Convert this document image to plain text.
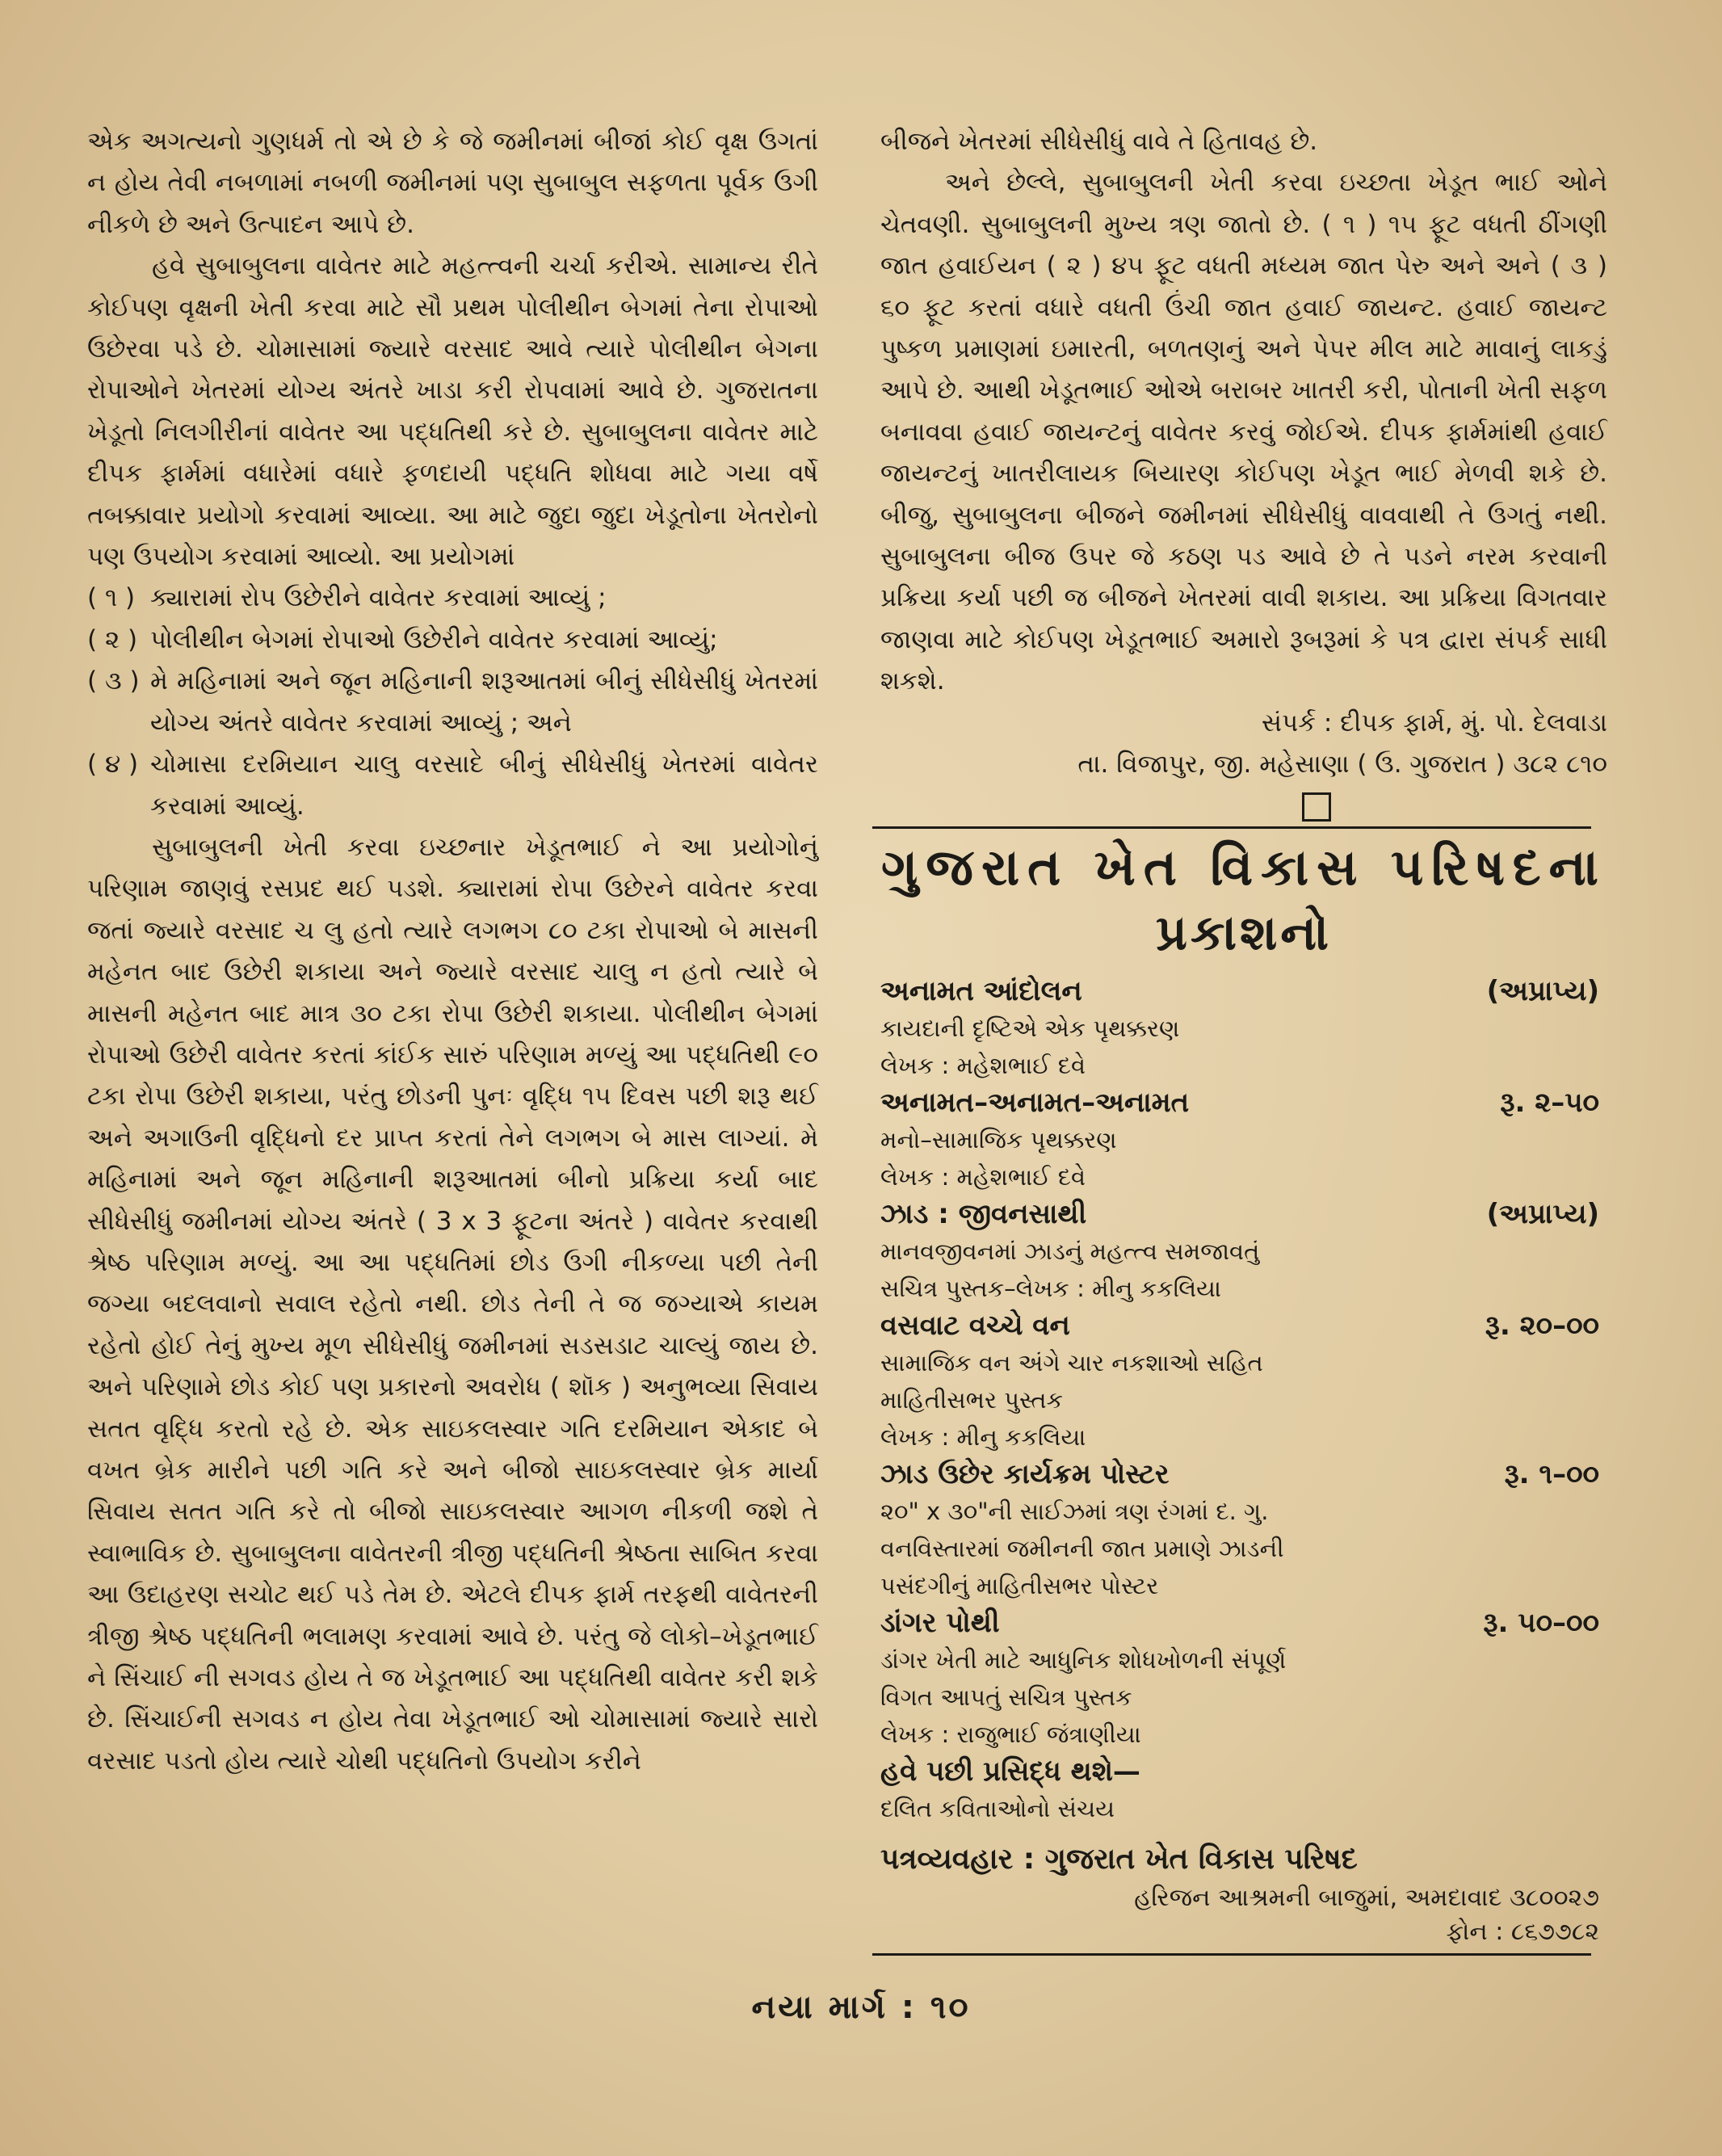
એક અગત્યનો ગુણધર્મ તો એ છે કે જે જમીનમાં બીજાં કોઈ વૃક્ષ ઉગતાં ન હોય તેવી નબળામાં નબળી જમીનમાં પણ સુબાબુલ સફળતા પૂર્વક ઉગી નીકળે છે અને ઉત્પાદન આપે છે.

હવે સુબાબુલના વાવેતર માટે મહત્ત્વની ચર્ચા કરીએ. સામાન્ય રીતે કોઈપણ વૃક્ષની ખેતી કરવા માટે સૌ પ્રથમ પોલીથીન બેગમાં તેના રોપાઓ ઉછેરવા પડે છે. ચોમાસામાં જ્યારે વરસાદ આવે ત્યારે પોલીથીન બેગના રોપાઓને ખેતરમાં યોગ્ય અંતરે ખાડા કરી રોપવામાં આવે છે. ગુજરાતના ખેડૂતો નિલગીરીનાં વાવેતર આ પદ્ધતિથી કરે છે. સુબાબુલના વાવેતર માટે દીપક ફાર્મમાં વધારેમાં વધારે ફળદાયી પદ્ધતિ શોધવા માટે ગયા વર્ષે તબક્કાવાર પ્રયોગો કરવામાં આવ્યા. આ માટે જુદા જુદા ખેડૂતોના ખેતરોનો પણ ઉપયોગ કરવામાં આવ્યો. આ પ્રયોગમાં

( ૧ ) ક્યારામાં રોપ ઉછેરીને વાવેતર કરવામાં આવ્યું ;
( ૨ ) પોલીથીન બેગમાં રોપાઓ ઉછેરીને વાવેતર કરવામાં આવ્યું;
( ૩ ) મે મહિનામાં અને જૂન મહિનાની શરૂઆતમાં બીનું સીધેસીધું ખેતરમાં યોગ્ય અંતરે વાવેતર કરવામાં આવ્યું ; અને
( ૪ ) ચોમાસા દરમિયાન ચાલુ વરસાદે બીનું સીધેસીધું ખેતરમાં વાવેતર કરવામાં આવ્યું.

સુબાબુલની ખેતી કરવા ઇચ્છનાર ખેડૂતભાઈ ને આ પ્રયોગોનું પરિણામ જાણવું રસપ્રદ થઈ પડશે. ક્યારામાં રોપા ઉછેરને વાવેતર કરવા જતાં જ્યારે વરસાદ ચ લુ હતો ત્યારે લગભગ ૮૦ ટકા રોપાઓ બે માસની મહેનત બાદ ઉછેરી શકાયા અને જ્યારે વરસાદ ચાલુ ન હતો ત્યારે બે માસની મહેનત બાદ માત્ર ૩૦ ટકા રોપા ઉછેરી શકાયા. પોલીથીન બેગમાં રોપાઓ ઉછેરી વાવેતર કરતાં કાંઈક સારું પરિણામ મળ્યું આ પદ્ધતિથી ૯૦ ટકા રોપા ઉછેરી શકાયા, પરંતુ છોડની પુનઃ વૃદ્ધિ ૧૫ દિવસ પછી શરૂ થઈ અને અગાઉની વૃદ્ધિનો દર પ્રાપ્ત કરતાં તેને લગભગ બે માસ લાગ્યાં. મે મહિનામાં અને જૂન મહિનાની શરૂઆતમાં બીનો પ્રક્રિયા કર્યા બાદ સીધેસીધું જમીનમાં યોગ્ય અંતરે ( 3 x 3 ફૂટના અંતરે ) વાવેતર કરવાથી શ્રેષ્ઠ પરિણામ મળ્યું. આ આ પદ્ધતિમાં છોડ ઉગી નીકળ્યા પછી તેની જગ્યા બદલવાનો સવાલ રહેતો નથી. છોડ તેની તે જ જગ્યાએ કાયમ રહેતો હોઈ તેનું મુખ્ય મૂળ સીધેસીધું જમીનમાં સડસડાટ ચાલ્યું જાય છે. અને પરિણામે છોડ કોઈ પણ પ્રકારનો અવરોધ ( શૉક ) અનુભવ્યા સિવાય સતત વૃદ્ધિ કરતો રહે છે. એક સાઇકલસ્વાર ગતિ દરમિયાન એકાદ બે વખત બ્રેક મારીને પછી ગતિ કરે અને બીજો સાઇકલસ્વાર બ્રેક માર્યા સિવાય સતત ગતિ કરે તો બીજો સાઇકલસ્વાર આગળ નીકળી જશે તે સ્વાભાવિક છે. સુબાબુલના વાવેતરની ત્રીજી પદ્ધતિની શ્રેષ્ઠતા સાબિત કરવા આ ઉદાહરણ સચોટ થઈ પડે તેમ છે. એટલે દીપક ફાર્મ તરફથી વાવેતરની ત્રીજી શ્રેષ્ઠ પદ્ધતિની ભલામણ કરવામાં આવે છે. પરંતુ જે લોકો–ખેડૂતભાઈ ને સિંચાઈ ની સગવડ હોય તે જ ખેડૂતભાઈ આ પદ્ધતિથી વાવેતર કરી શકે છે. સિંચાઈની સગવડ ન હોય તેવા ખેડૂતભાઈ ઓ ચોમાસામાં જ્યારે સારો વરસાદ પડતો હોય ત્યારે ચોથી પદ્ધતિનો ઉપયોગ કરીને

બીજને ખેતરમાં સીધેસીધું વાવે તે હિતાવહ છે.

અને છેલ્લે, સુબાબુલની ખેતી કરવા ઇચ્છતા ખેડૂત ભાઈ ઓને ચેતવણી. સુબાબુલની મુખ્ય ત્રણ જાતો છે. ( ૧ ) ૧૫ ફૂટ વધતી ઠીંગણી જાત હવાઈયન ( ૨ ) ૪૫ ફૂટ વધતી મધ્યમ જાત પેરુ અને અને ( ૩ ) ૬૦ ફૂટ કરતાં વધારે વધતી ઉંચી જાત હવાઈ જાયન્ટ. હવાઈ જાયન્ટ પુષ્કળ પ્રમાણમાં ઇમારતી, બળતણનું અને પેપર મીલ માટે માવાનું લાકડું આપે છે. આથી ખેડૂતભાઈ ઓએ બરાબર ખાતરી કરી, પોતાની ખેતી સફળ બનાવવા હવાઈ જાયન્ટનું વાવેતર કરવું જોઈએ. દીપક ફાર્મમાંથી હવાઈ જાયન્ટનું ખાતરીલાયક બિયારણ કોઈપણ ખેડૂત ભાઈ મેળવી શકે છે. બીજુ, સુબાબુલના બીજને જમીનમાં સીધેસીધું વાવવાથી તે ઉગતું નથી. સુબાબુલના બીજ ઉપર જે કઠણ પડ આવે છે તે પડને નરમ કરવાની પ્રક્રિયા કર્યા પછી જ બીજને ખેતરમાં વાવી શકાય. આ પ્રક્રિયા વિગતવાર જાણવા માટે કોઈપણ ખેડૂતભાઈ અમારો રૂબરૂમાં કે પત્ર દ્વારા સંપર્ક સાધી શકશે.

સંપર્ક : દીપક ફાર્મ, મું. પો. દેલવાડા

તા. વિજાપુર, જી. મહેસાણા ( ઉ. ગુજરાત ) ૩૮૨ ૮૧૦

ગુજરાત ખેત વિકાસ પરિષદના
પ્રકાશનો
અનામત આંદોલન	(અપ્રાપ્ય)

કાયદાની દૃષ્ટિએ એક પૃથક્કરણ

લેખક : મહેશભાઈ દવે

અનામત–અનામત–અનામત	રૂ. ૨–૫૦

મનો–સામાજિક પૃથક્કરણ

લેખક : મહેશભાઈ દવે

ઝાડ : જીવનસાથી	(અપ્રાપ્ય)

માનવજીવનમાં ઝાડનું મહત્ત્વ સમજાવતું

સચિત્ર પુસ્તક–લેખક : મીનુ કકલિયા

વસવાટ વચ્ચે વન	રૂ. ૨૦–૦૦

સામાજિક વન અંગે ચાર નકશાઓ સહિત

માહિતીસભર પુસ્તક

લેખક : મીનુ કકલિયા

ઝાડ ઉછેર કાર્યક્રમ પોસ્ટર	રૂ. ૧–૦૦

૨૦" x ૩૦"ની સાઈઝમાં ત્રણ રંગમાં દ. ગુ.

વનવિસ્તારમાં જમીનની જાત પ્રમાણે ઝાડની

પસંદગીનું માહિતીસભર પોસ્ટર

ડાંગર પોથી	રૂ. ૫૦–૦૦

ડાંગર ખેતી માટે આધુનિક શોધખોળની સંપૂર્ણ

વિગત આપતું સચિત્ર પુસ્તક

લેખક : રાજુભાઈ જંત્રાણીયા

હવે પછી પ્રસિદ્ધ થશે—

દલિત કવિતાઓનો સંચય

પત્રવ્યવહાર : ગુજરાત ખેત વિકાસ પરિષદ
હરિજન આશ્રમની બાજુમાં, અમદાવાદ ૩૮૦૦૨૭
ફોન : ૮૬૭૭૮૨
નયા માર્ગ : ૧૦
